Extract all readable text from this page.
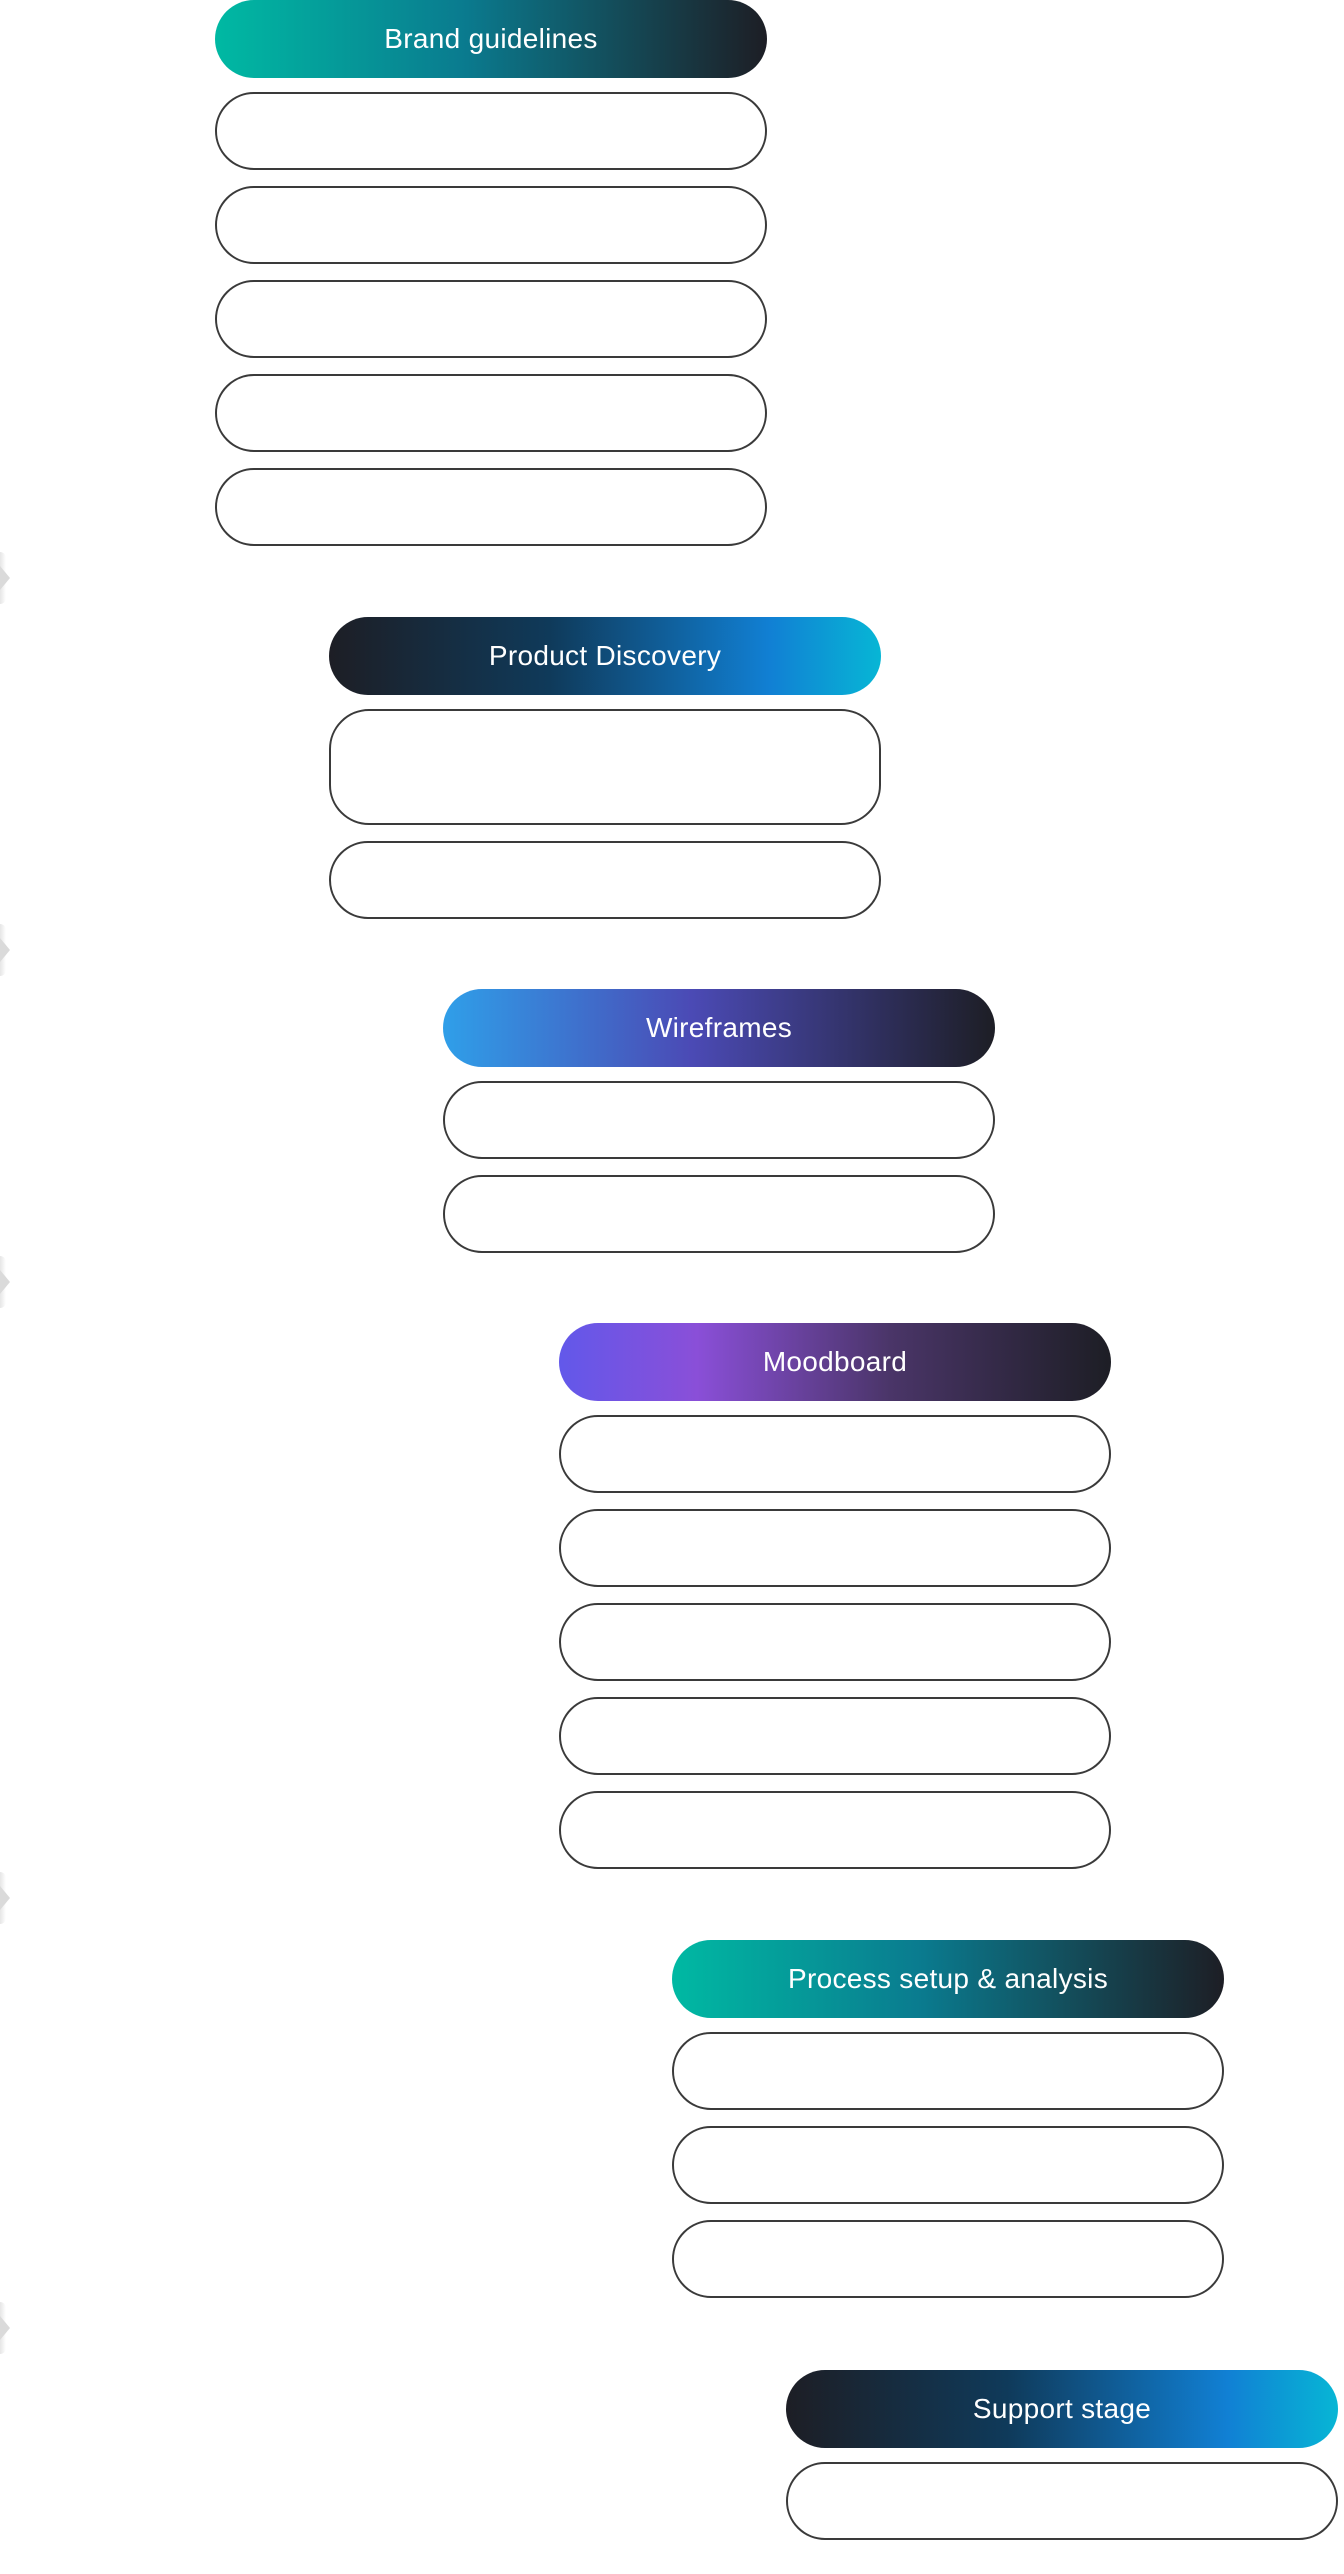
Brand guidelines
Product Discovery
Wireframes
Moodboard
Process setup & analysis
Support stage
